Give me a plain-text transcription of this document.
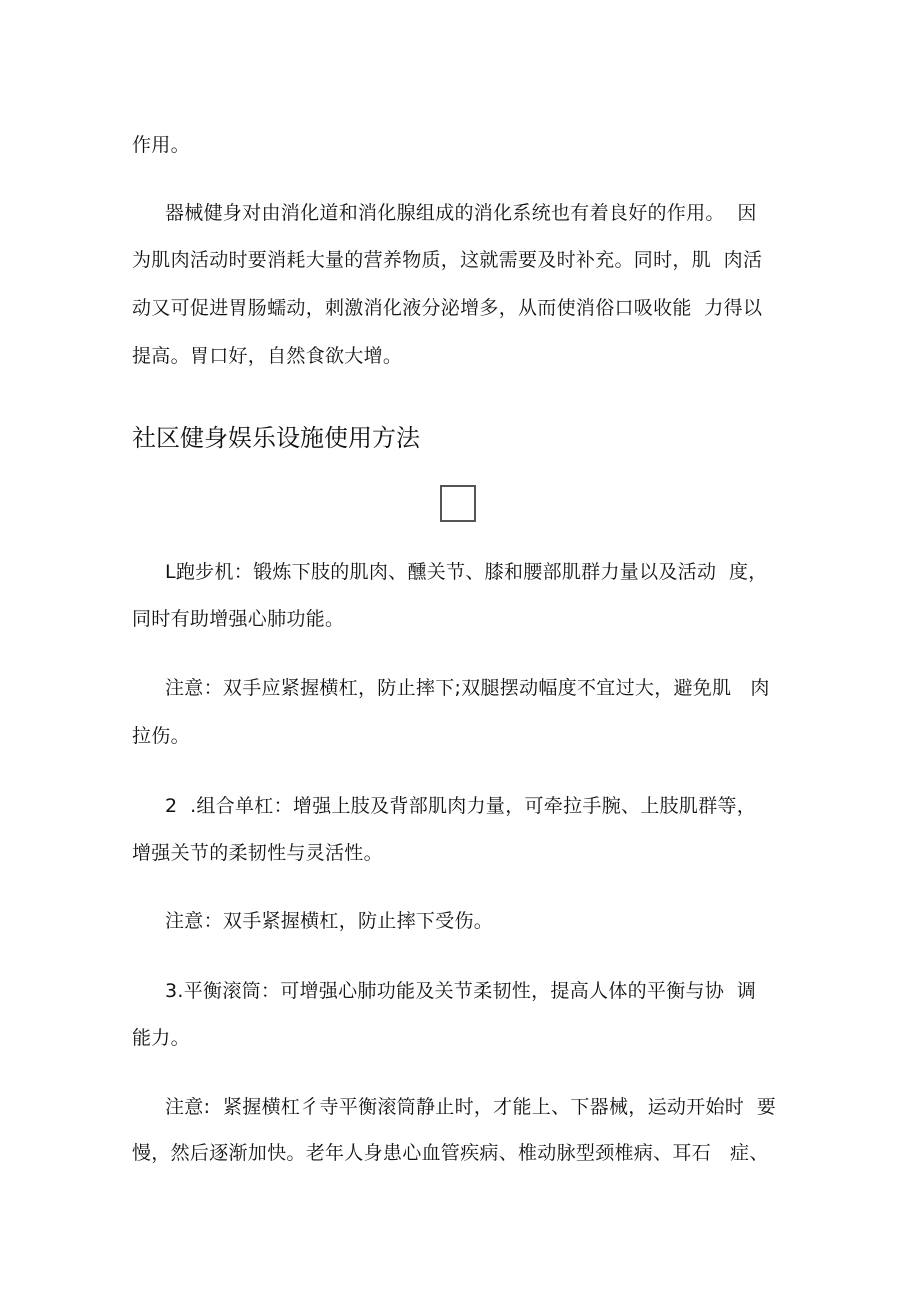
作用。
器械健身对由消化道和消化腺组成的消化系统也有着良好的作用。  因
为肌肉活动时要消耗大量的营养物质，这就需要及时补充。同时，肌  肉活
动又可促进胃肠蠕动，刺激消化液分泌增多，从而使消俗口吸收能  力得以
提高。胃口好，自然食欲大增。
社区健身娱乐设施使用方法
L跑步机：锻炼下肢的肌肉、醺关节、膝和腰部肌群力量以及活动  度，
同时有助增强心肺功能。
注意：双手应紧握横杠，防止摔下;双腿摆动幅度不宜过大，避免肌   肉
拉伤。
2  .组合单杠：增强上肢及背部肌肉力量，可牵拉手腕、上肢肌群等，
增强关节的柔韧性与灵活性。
注意：双手紧握横杠，防止摔下受伤。
3.平衡滚筒：可增强心肺功能及关节柔韧性，提高人体的平衡与协  调
能力。
注意:  紧握横杠彳寺平衡滚筒静止时，才能上、下器械，运动开始时  要
慢，然后逐渐加快。老年人身患心血管疾病、椎动脉型颈椎病、耳石   症、
